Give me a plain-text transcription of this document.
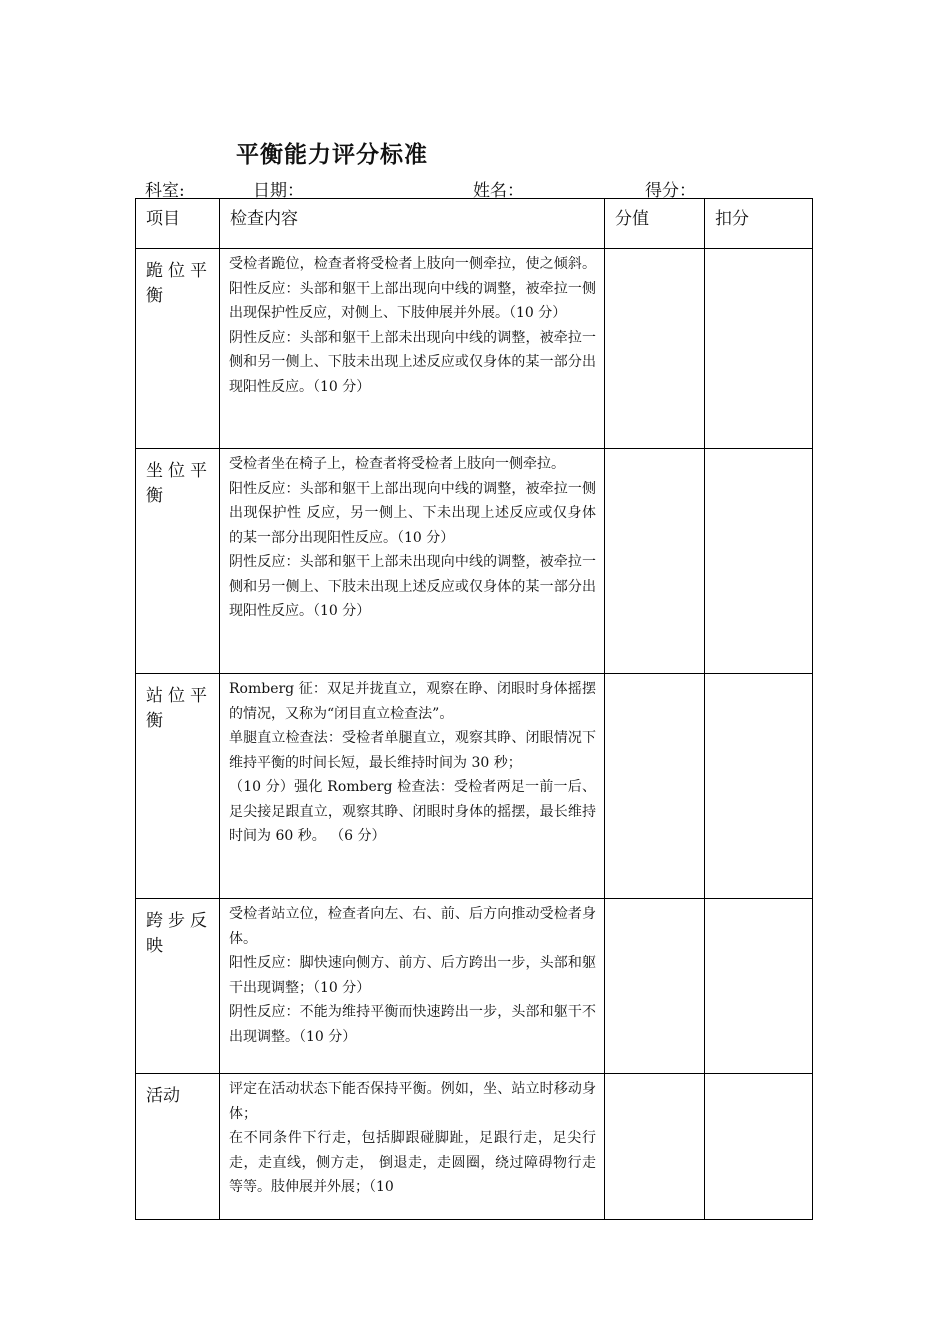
平衡能力评分标准
科室:	日期：	姓名：	得分：
项目	检查内容	分值	扣分
跪位平衡	受检者跪位，检查者将受检者上肢向一侧牵拉，使之倾斜。阳性反应：头部和躯干上部出现向中线的调整，被牵拉一侧出现保护性反应，对侧上、下肢伸展并外展。（10 分）

阴性反应：头部和躯干上部未出现向中线的调整，被牵拉一侧和另一侧上、下肢未出现上述反应或仅身体的某一部分出现阳性反应。（10 分）		

坐位平衡	受检者坐在椅子上，检查者将受检者上肢向一侧牵拉。

阳性反应：头部和躯干上部出现向中线的调整，被牵拉一侧出现保护性 反应，另一侧上、下未出现上述反应或仅身体的某一部分出现阳性反应。（10 分）

阴性反应：头部和躯干上部未出现向中线的调整，被牵拉一侧和另一侧上、下肢未出现上述反应或仅身体的某一部分出现阳性反应。（10 分）		

站位平衡	Romberg 征：双足并拢直立，观察在睁、闭眼时身体摇摆的情况，又称为“闭目直立检查法”。

单腿直立检查法：受检者单腿直立，观察其睁、闭眼情况下维持平衡的时间长短，最长维持时间为 30 秒；

（10 分）强化 Romberg 检查法：受检者两足一前一后、足尖接足跟直立，观察其睁、闭眼时身体的摇摆，最长维持时间为 60 秒。 （6 分）		

跨步反映	受检者站立位，检查者向左、右、前、后方向推动受检者身体。

阳性反应：脚快速向侧方、前方、后方跨出一步，头部和躯干出现调整；（10 分）

阴性反应：不能为维持平衡而快速跨出一步，头部和躯干不出现调整。（10 分）		

活动	评定在活动状态下能否保持平衡。例如，坐、站立时移动身体；

在不同条件下行走，包括脚跟碰脚趾，足跟行走，足尖行走，走直线，侧方走， 倒退走，走圆圈，绕过障碍物行走等等。肢伸展并外展；（10		
